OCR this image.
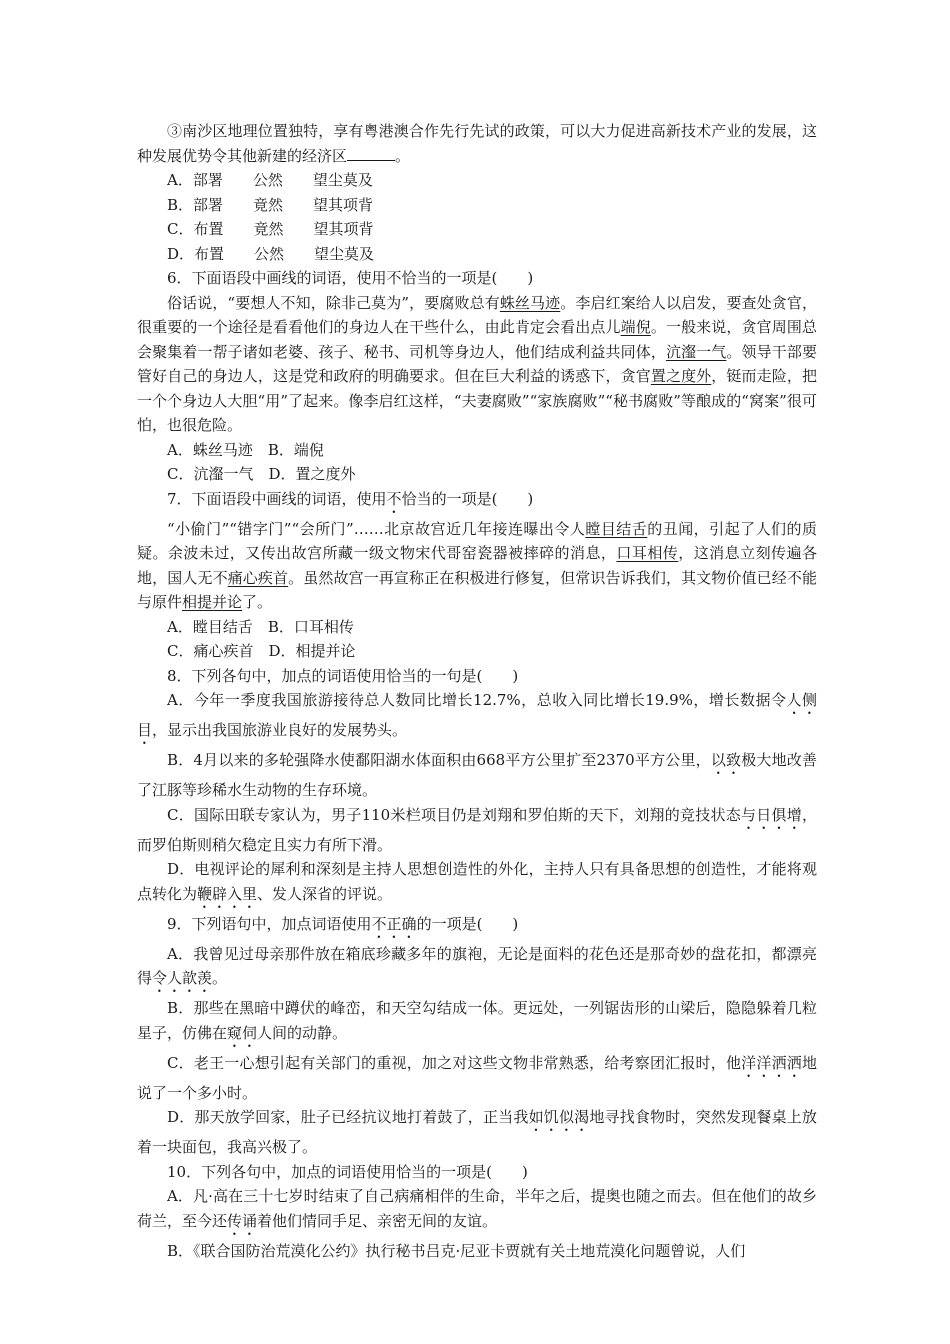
③南沙区地理位置独特，享有粤港澳合作先行先试的政策，可以大力促进高新技术产业的发展，这种发展优势令其他新建的经济区	。

A．部署　　公然　　望尘莫及

B．部署　　竟然　　望其项背

C．布置　　竟然　　望其项背

D．布置　　公然　　望尘莫及

6．下面语段中画线的词语，使用不恰当的一项是( )

俗话说，“要想人不知，除非己莫为”，要腐败总有蛛丝马迹。李启红案给人以启发，要查处贪官，很重要的一个途径是看看他们的身边人在干些什么，由此肯定会看出点儿端倪。一般来说，贪官周围总会聚集着一帮子诸如老婆、孩子、秘书、司机等身边人，他们结成利益共同体，沆瀣一气。领导干部要管好自己的身边人，这是党和政府的明确要求。但在巨大利益的诱惑下，贪官置之度外，铤而走险，把一个个身边人大胆“用”了起来。像李启红这样，“夫妻腐败”“家族腐败”“秘书腐败”等酿成的“窝案”很可怕，也很危险。

A．蛛丝马迹　B．端倪

C．沆瀣一气　D．置之度外

7．下面语段中画线的词语，使用不恰当的一项是( )

“小偷门”“错字门”“会所门”……北京故宫近几年接连曝出令人瞠目结舌的丑闻，引起了人们的质疑。余波未过，又传出故宫所藏一级文物宋代哥窑瓷器被摔碎的消息，口耳相传，这消息立刻传遍各地，国人无不痛心疾首。虽然故宫一再宣称正在积极进行修复，但常识告诉我们，其文物价值已经不能与原件相提并论了。

A．瞠目结舌　B．口耳相传

C．痛心疾首　D．相提并论

8．下列各句中，加点的词语使用恰当的一句是( )

A．今年一季度我国旅游接待总人数同比增长12.7%，总收入同比增长19.9%，增长数据令人侧目，显示出我国旅游业良好的发展势头。

B．4月以来的多轮强降水使鄱阳湖水体面积由668平方公里扩至2370平方公里，以致极大地改善了江豚等珍稀水生动物的生存环境。

C．国际田联专家认为，男子110米栏项目仍是刘翔和罗伯斯的天下，刘翔的竞技状态与日俱增，而罗伯斯则稍欠稳定且实力有所下滑。

D．电视评论的犀利和深刻是主持人思想创造性的外化，主持人只有具备思想的创造性，才能将观点转化为鞭辟入里、发人深省的评说。

9．下列语句中，加点词语使用不正确的一项是( )

A．我曾见过母亲那件放在箱底珍藏多年的旗袍，无论是面料的花色还是那奇妙的盘花扣，都漂亮得令人歆羡。

B．那些在黑暗中蹲伏的峰峦，和天空勾结成一体。更远处，一列锯齿形的山梁后，隐隐躲着几粒星子，仿佛在窥伺人间的动静。

C．老王一心想引起有关部门的重视，加之对这些文物非常熟悉，给考察团汇报时，他洋洋洒洒地说了一个多小时。

D．那天放学回家，肚子已经抗议地打着鼓了，正当我如饥似渴地寻找食物时，突然发现餐桌上放着一块面包，我高兴极了。

10．下列各句中，加点的词语使用恰当的一项是( )

A．凡·高在三十七岁时结束了自己病痛相伴的生命，半年之后，提奥也随之而去。但在他们的故乡荷兰，至今还传诵着他们情同手足、亲密无间的友谊。

B．《联合国防治荒漠化公约》执行秘书吕克·尼亚卡贾就有关土地荒漠化问题曾说，人们
